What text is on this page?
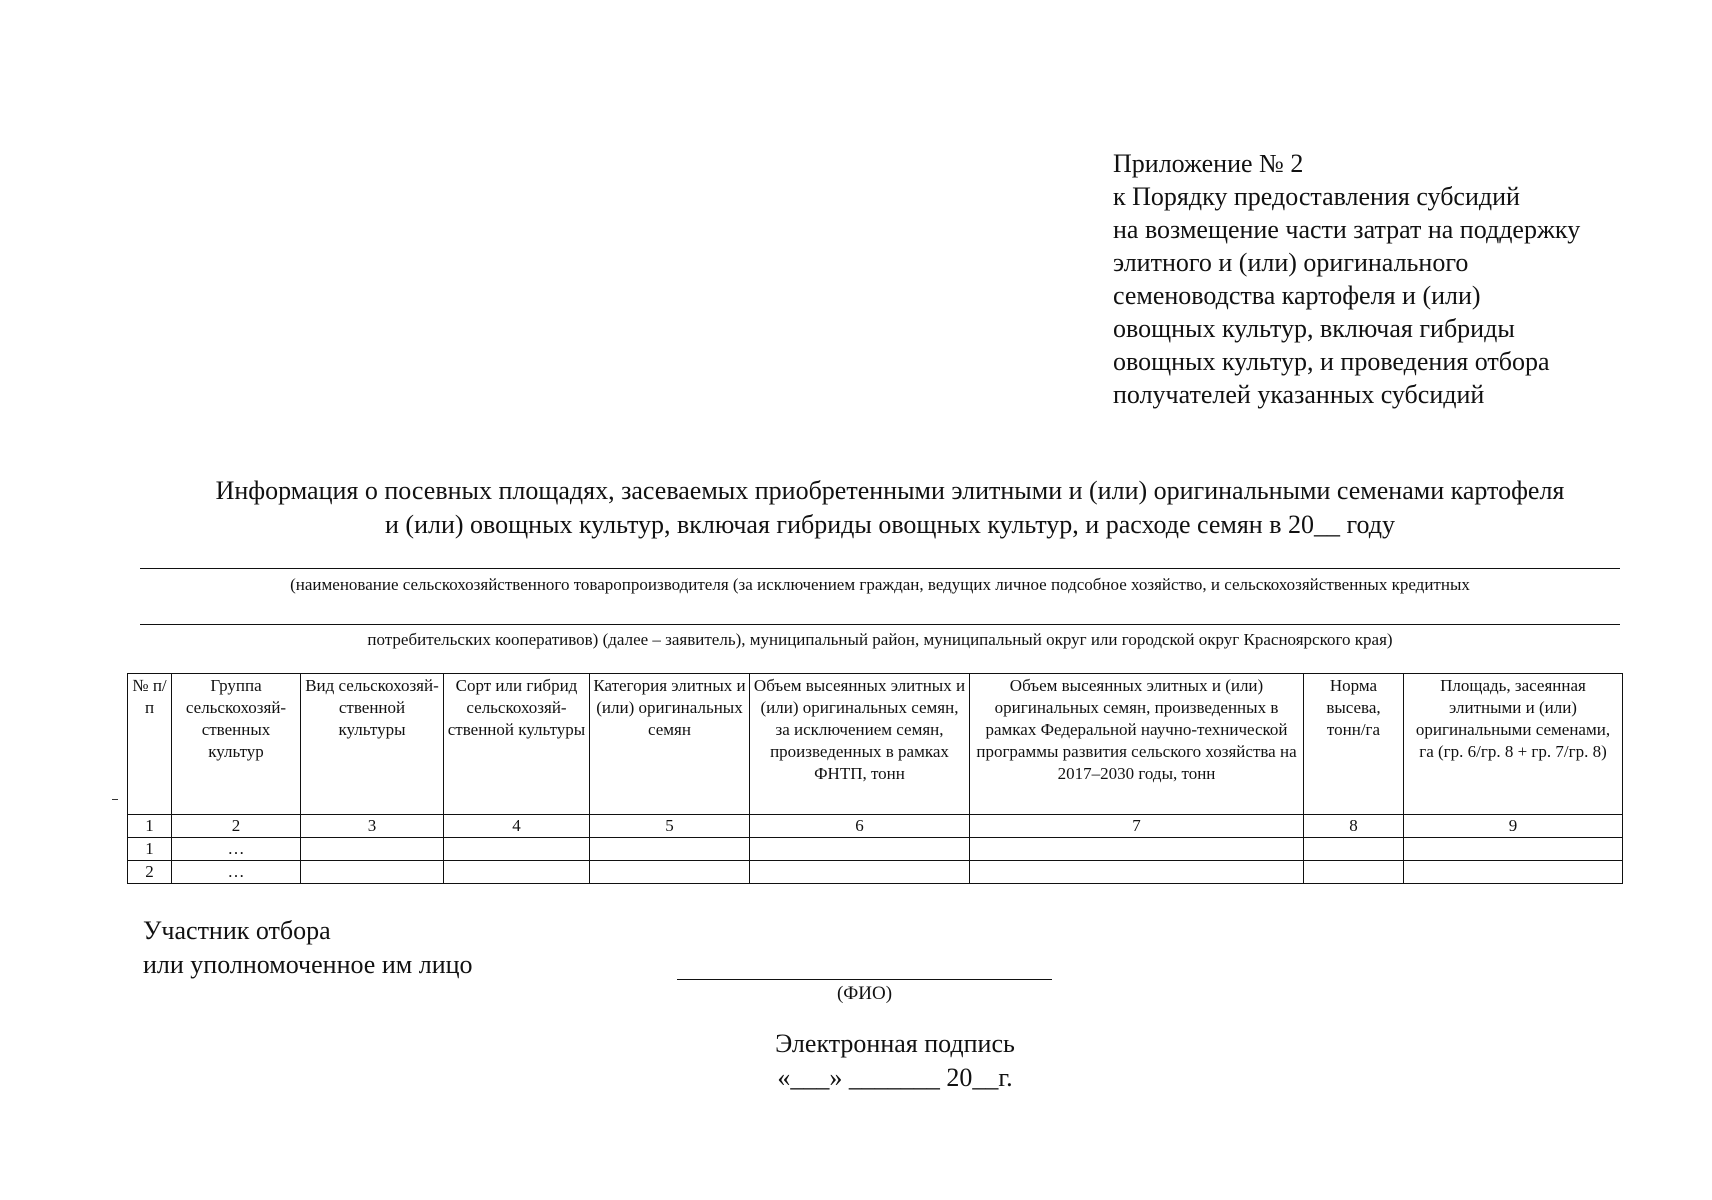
Приложение № 2
к Порядку предоставления субсидий
на возмещение части затрат на поддержку
элитного и (или) оригинального
семеноводства картофеля и (или)
овощных культур, включая гибриды
овощных культур, и проведения отбора
получателей указанных субсидий
Информация о посевных площадях, засеваемых приобретенными элитными и (или) оригинальными семенами картофеля
и (или) овощных культур, включая гибриды овощных культур, и расходе семян в 20__ году
(наименование сельскохозяйственного товаропроизводителя (за исключением граждан, ведущих личное подсобное хозяйство, и сельскохозяйственных кредитных
потребительских кооперативов) (далее – заявитель), муниципальный район, муниципальный округ или городской округ Красноярского края)
№ п/п	Группа сельскохозяй-ственных культур	Вид сельскохозяй-ственной культуры	Сорт или гибрид сельскохозяй-ственной культуры	Категория элитных и (или) оригинальных семян	Объем высеянных элитных и (или) оригинальных семян, за исключением семян, произведенных в рамках ФНТП, тонн	Объем высеянных элитных и (или) оригинальных семян, произведенных в рамках Федеральной научно-технической программы развития сельского хозяйства на 2017–2030 годы, тонн	Норма высева, тонн/га	Площадь, засеянная элитными и (или) оригинальными семенами, га (гр. 6/гр. 8 + гр. 7/гр. 8)
1	2	3	4	5	6	7	8	9
1	…							
2	…							
Участник отбора
или уполномоченное им лицо
(ФИО)
Электронная подпись
«___» _______ 20__г.
